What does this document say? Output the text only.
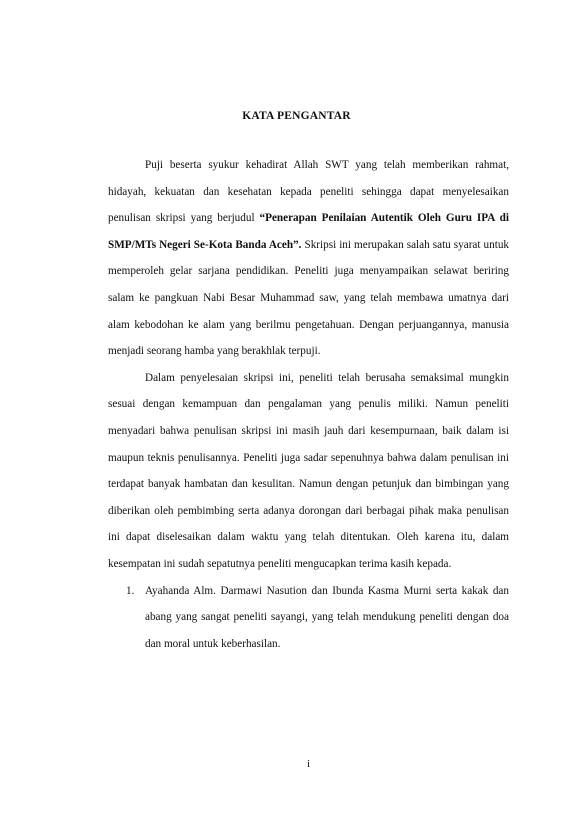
KATA PENGANTAR

Puji beserta syukur kehadirat Allah SWT yang telah memberikan rahmat, hidayah, kekuatan dan kesehatan kepada peneliti sehingga dapat menyelesaikan penulisan skripsi yang berjudul “Penerapan Penilaian Autentik Oleh Guru IPA di SMP/MTs Negeri Se-Kota Banda Aceh”. Skripsi ini merupakan salah satu syarat untuk memperoleh gelar sarjana pendidikan. Peneliti juga menyampaikan selawat beriring salam ke pangkuan Nabi Besar Muhammad saw, yang telah membawa umatnya dari alam kebodohan ke alam yang berilmu pengetahuan. Dengan perjuangannya, manusia menjadi seorang hamba yang berakhlak terpuji.

Dalam penyelesaian skripsi ini, peneliti telah berusaha semaksimal mungkin sesuai dengan kemampuan dan pengalaman yang penulis miliki. Namun peneliti menyadari bahwa penulisan skripsi ini masih jauh dari kesempurnaan, baik dalam isi maupun teknis penulisannya. Peneliti juga sadar sepenuhnya bahwa dalam penulisan ini terdapat banyak hambatan dan kesulitan. Namun dengan petunjuk dan bimbingan yang diberikan oleh pembimbing serta adanya dorongan dari berbagai pihak maka penulisan ini dapat diselesaikan dalam waktu yang telah ditentukan. Oleh karena itu, dalam kesempatan ini sudah sepatutnya peneliti mengucapkan terima kasih kepada.

1. Ayahanda Alm. Darmawi Nasution dan Ibunda Kasma Murni serta kakak dan abang yang sangat peneliti sayangi, yang telah mendukung peneliti dengan doa dan moral untuk keberhasilan.
i
